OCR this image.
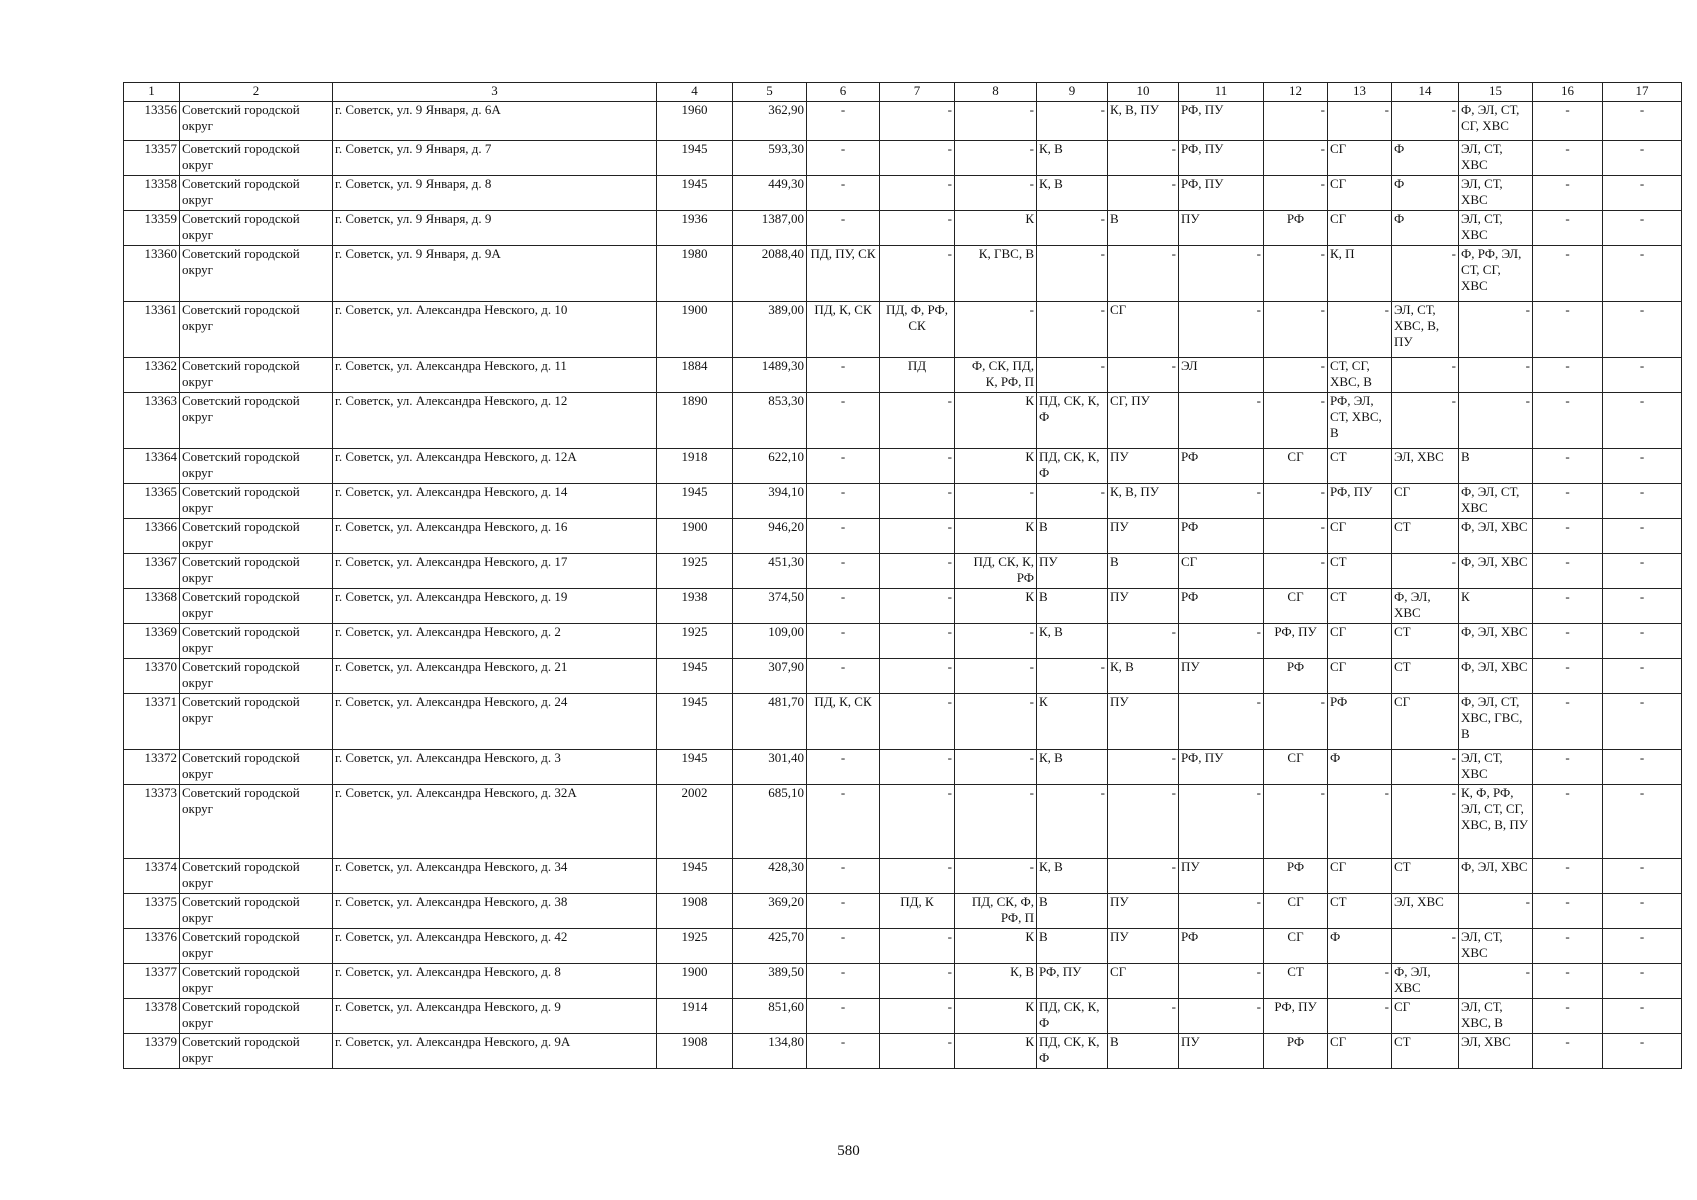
1	2	3	4	5	6	7	8	9	10	11	12	13	14	15	16	17
13356	Советский городской округ	г. Советск, ул. 9 Января, д. 6А	1960	362,90	-	-	-	-	К, В, ПУ	РФ, ПУ	-	-	-	Ф, ЭЛ, СТ, СГ, ХВС	-	-
13357	Советский городской округ	г. Советск, ул. 9 Января, д. 7	1945	593,30	-	-	-	К, В	-	РФ, ПУ	-	СГ	Ф	ЭЛ, СТ, ХВС	-	-
13358	Советский городской округ	г. Советск, ул. 9 Января, д. 8	1945	449,30	-	-	-	К, В	-	РФ, ПУ	-	СГ	Ф	ЭЛ, СТ, ХВС	-	-
13359	Советский городской округ	г. Советск, ул. 9 Января, д. 9	1936	1387,00	-	-	К	-	В	ПУ	РФ	СГ	Ф	ЭЛ, СТ, ХВС	-	-
13360	Советский городской округ	г. Советск, ул. 9 Января, д. 9А	1980	2088,40	ПД, ПУ, СК	-	К, ГВС, В	-	-	-	-	К, П	-	Ф, РФ, ЭЛ, СТ, СГ, ХВС	-	-
13361	Советский городской округ	г. Советск, ул. Александра Невского, д. 10	1900	389,00	ПД, К, СК	ПД, Ф, РФ, СК	-	-	СГ	-	-	-	ЭЛ, СТ, ХВС, В, ПУ	-	-	-
13362	Советский городской округ	г. Советск, ул. Александра Невского, д. 11	1884	1489,30	-	ПД	Ф, СК, ПД, К, РФ, П	-	-	ЭЛ	-	СТ, СГ, ХВС, В	-	-	-	-
13363	Советский городской округ	г. Советск, ул. Александра Невского, д. 12	1890	853,30	-	-	К	ПД, СК, К, Ф	СГ, ПУ	-	-	РФ, ЭЛ, СТ, ХВС, В	-	-	-	-
13364	Советский городской округ	г. Советск, ул. Александра Невского, д. 12А	1918	622,10	-	-	К	ПД, СК, К, Ф	ПУ	РФ	СГ	СТ	ЭЛ, ХВС	В	-	-
13365	Советский городской округ	г. Советск, ул. Александра Невского, д. 14	1945	394,10	-	-	-	-	К, В, ПУ	-	-	РФ, ПУ	СГ	Ф, ЭЛ, СТ, ХВС	-	-
13366	Советский городской округ	г. Советск, ул. Александра Невского, д. 16	1900	946,20	-	-	К	В	ПУ	РФ	-	СГ	СТ	Ф, ЭЛ, ХВС	-	-
13367	Советский городской округ	г. Советск, ул. Александра Невского, д. 17	1925	451,30	-	-	ПД, СК, К, РФ	ПУ	В	СГ	-	СТ	-	Ф, ЭЛ, ХВС	-	-
13368	Советский городской округ	г. Советск, ул. Александра Невского, д. 19	1938	374,50	-	-	К	В	ПУ	РФ	СГ	СТ	Ф, ЭЛ, ХВС	К	-	-
13369	Советский городской округ	г. Советск, ул. Александра Невского, д. 2	1925	109,00	-	-	-	К, В	-	-	РФ, ПУ	СГ	СТ	Ф, ЭЛ, ХВС	-	-
13370	Советский городской округ	г. Советск, ул. Александра Невского, д. 21	1945	307,90	-	-	-	-	К, В	ПУ	РФ	СГ	СТ	Ф, ЭЛ, ХВС	-	-
13371	Советский городской округ	г. Советск, ул. Александра Невского, д. 24	1945	481,70	ПД, К, СК	-	-	К	ПУ	-	-	РФ	СГ	Ф, ЭЛ, СТ, ХВС, ГВС, В	-	-
13372	Советский городской округ	г. Советск, ул. Александра Невского, д. 3	1945	301,40	-	-	-	К, В	-	РФ, ПУ	СГ	Ф	-	ЭЛ, СТ, ХВС	-	-
13373	Советский городской округ	г. Советск, ул. Александра Невского, д. 32А	2002	685,10	-	-	-	-	-	-	-	-	-	К, Ф, РФ, ЭЛ, СТ, СГ, ХВС, В, ПУ	-	-
13374	Советский городской округ	г. Советск, ул. Александра Невского, д. 34	1945	428,30	-	-	-	К, В	-	ПУ	РФ	СГ	СТ	Ф, ЭЛ, ХВС	-	-
13375	Советский городской округ	г. Советск, ул. Александра Невского, д. 38	1908	369,20	-	ПД, К	ПД, СК, Ф, РФ, П	В	ПУ	-	СГ	СТ	ЭЛ, ХВС	-	-	-
13376	Советский городской округ	г. Советск, ул. Александра Невского, д. 42	1925	425,70	-	-	К	В	ПУ	РФ	СГ	Ф	-	ЭЛ, СТ, ХВС	-	-
13377	Советский городской округ	г. Советск, ул. Александра Невского, д. 8	1900	389,50	-	-	К, В	РФ, ПУ	СГ	-	СТ	-	Ф, ЭЛ, ХВС	-	-	-
13378	Советский городской округ	г. Советск, ул. Александра Невского, д. 9	1914	851,60	-	-	К	ПД, СК, К, Ф	-	-	РФ, ПУ	-	СГ	ЭЛ, СТ, ХВС, В	-	-
13379	Советский городской округ	г. Советск, ул. Александра Невского, д. 9А	1908	134,80	-	-	К	ПД, СК, К, Ф	В	ПУ	РФ	СГ	СТ	ЭЛ, ХВС	-	-
580
